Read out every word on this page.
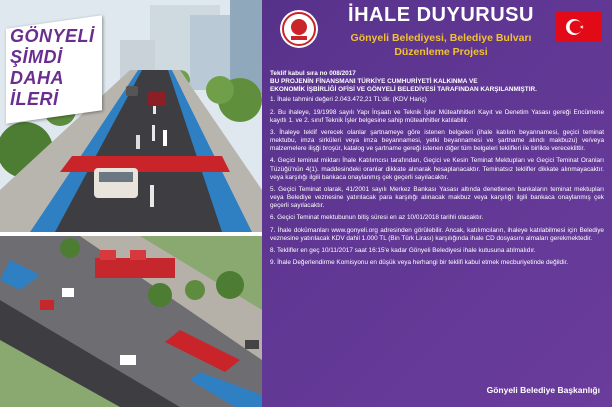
GÖNYELİ
ŞİMDİ
DAHA
İLERİ
İHALE DUYURUSU
Gönyeli Belediyesi, Belediye Bulvarı
Düzenleme Projesi

Teklif kabul sıra no 008/2017
BU PROJENİN FİNANSMANI TÜRKİYE CUMHURİYETİ KALKINMA VE
EKONOMİK İŞBİRLİĞİ OFİSİ VE GÖNYELİ BELEDİYESİ TARAFINDAN KARŞILANMIŞTIR.

1. İhale tahmini değeri 2.043.472,21 TL'dir. (KDV Hariç)

2. Bu ihaleye, 19/1998 sayılı Yapı İnşaatı ve Teknik İşler Müteahhitleri Kayıt ve Denetim Yasası gereği Encümene kayıtlı 1. ve 2. sınıf Teknik İşler belgesine sahip müteahhitler katılabilir.

3. İhaleye teklif verecek olanlar şartnameye göre istenen belgeleri (ihale katılım beyannamesi, geçici teminat mektubu, imza sirküleri veya imza beyannamesi, yetki beyannamesi ve şartname alındı makbuzu) ve/veya malzemelere ilişği broşür, katalog ve şartname gereği istenen diğer tüm belgeleri teklifleri ile birlikte vereceklittir.

4. Geçici teminat miktarı İhale Katılımcısı tarafından, Geçici ve Kesin Teminat Mektupları ve Geçici Teminat Oranları Tüzüğü'nün 4(1). maddesindeki oranlar dikkate alınarak hesaplanacaktır. Teminatsız teklifler dikkate alınmayacaktır. veya karşılığı ilgili bankaca onaylanmış çek geçerli sayılacaktır.

5. Geçici Teminat olarak, 41/2001 sayılı Merkez Bankası Yasası altında denetlenen bankaların teminat mektupları veya Belediye veznesine yatırılacak para karşılığı alınacak makbuz veya karşılığı ilgili bankaca onaylanmış çek geçerli sayılacaktır.

6. Geçici Teminat mektubunun bitiş süresi en az 10/01/2018 tarihli olacaktır.

7. İhale dokümanları www.gonyeli.org adresinden görülebilir. Ancak, katılımcıların, ihaleye katılabilmesi için Belediye veznesine yatırılacak KDV dahil 1.000 TL (Bin Türk Lirası) karşılığında ihale CD dosyasını almaları gerekmektedir.

8. Teklifler en geç 10/11/2017 saat 16:15'e kadar Gönyeli Belediyesi ihale kutusuna atılmalıdır.

9. İhale Değerlendirme Komisyonu en düşük veya herhangi bir teklifi kabul etmek mecburiyetinde değildir.

Gönyeli Belediye Başkanlığı
